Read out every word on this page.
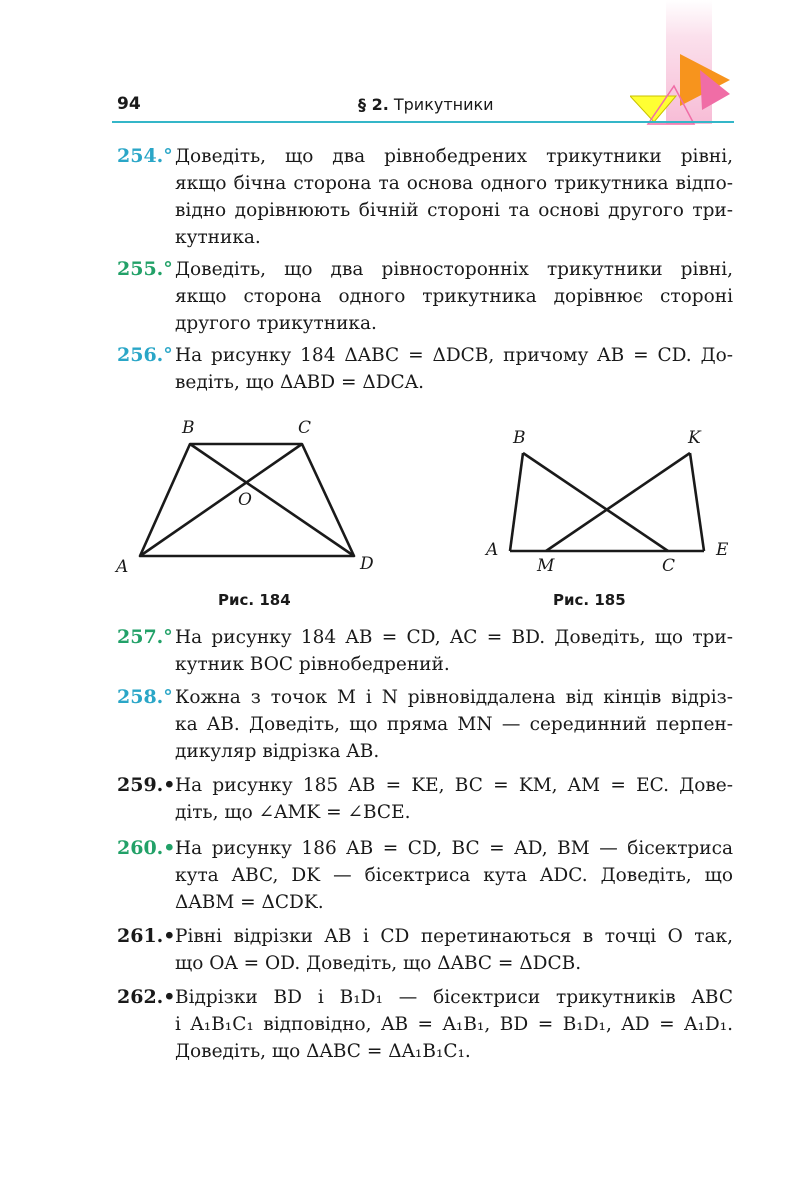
94	§ 2. Трикутники
254.° Доведіть, що два рівнобедрених трикутники рівні,
якщо бічна сторона та основа одного трикутника відпо-
відно дорівнюють бічній стороні та основі другого три-
кутника.
255.° Доведіть, що два рівносторонніх трикутники рівні,
якщо сторона одного трикутника дорівнює стороні
другого трикутника.
256.° На рисунку 184 ΔABC = ΔDCB, причому AB = CD. До-
ведіть, що ΔABD = ΔDCA.
B	C
O
A	D
Рис. 184
B	K
A	E
M	C
Рис. 185
257.° На рисунку 184 AB = CD, AC = BD. Доведіть, що три-
кутник BOC рівнобедрений.
258.° Кожна з точок M і N рівновіддалена від кінців відріз-
ка AB. Доведіть, що пряма MN — серединний перпен-
дикуляр відрізка AB.
259.• На рисунку 185 AB = KE, BC = KM, AM = EC. Дове-
діть, що ∠AMK = ∠BCE.
260.• На рисунку 186 AB = CD, BC = AD, BM — бісектриса
кута ABC, DK — бісектриса кута ADC. Доведіть, що
ΔABM = ΔCDK.
261.• Рівні відрізки AB і CD перетинаються в точці O так,
що OA = OD. Доведіть, що ΔABC = ΔDCB.
262.• Відрізки BD і B₁D₁ — бісектриси трикутників ABC
і A₁B₁C₁ відповідно, AB = A₁B₁, BD = B₁D₁, AD = A₁D₁.
Доведіть, що ΔABC = ΔA₁B₁C₁.
